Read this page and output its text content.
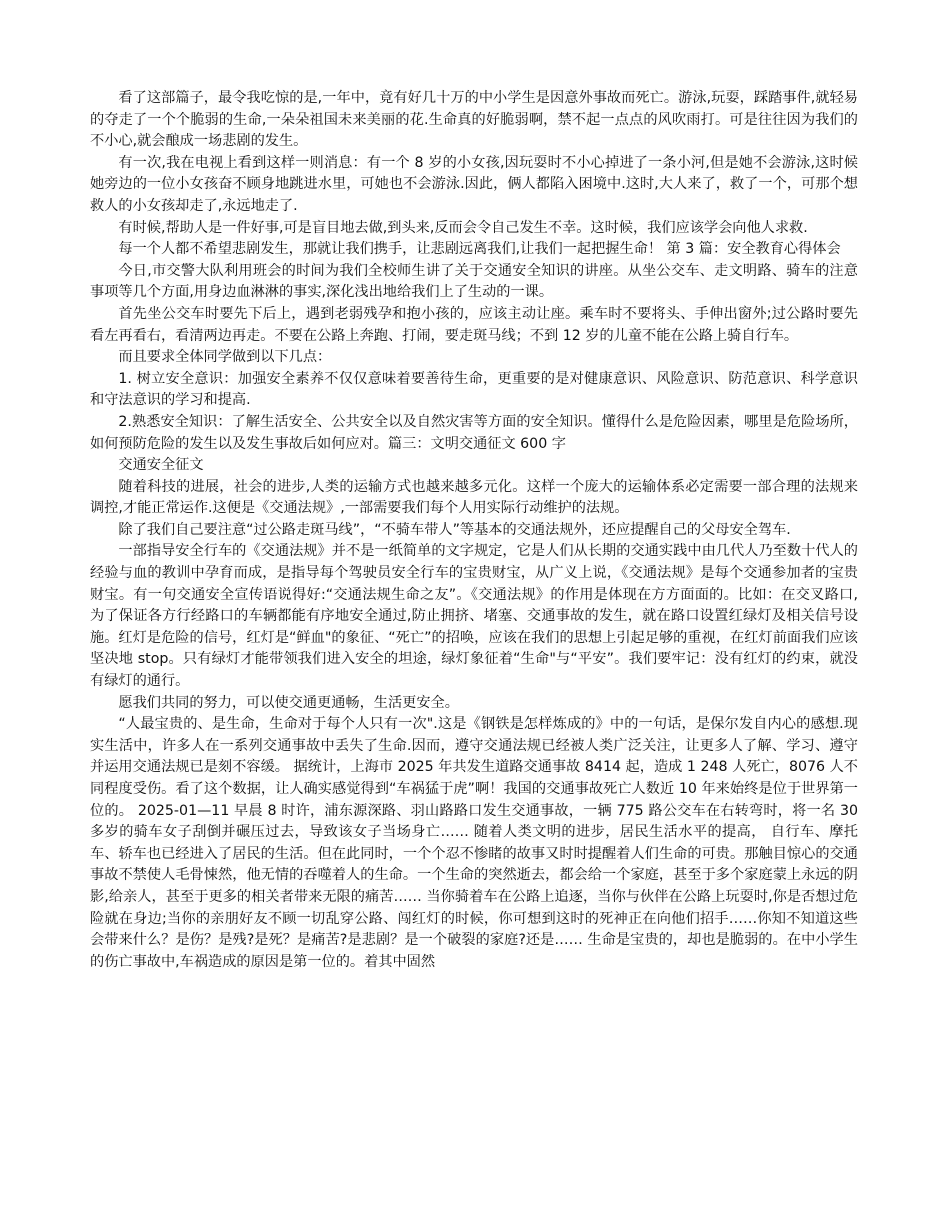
看了这部篇子，最令我吃惊的是,一年中，竟有好几十万的中小学生是因意外事故而死亡。游泳,玩耍，踩踏事件,就轻易的夺走了一个个脆弱的生命,一朵朵祖国未来美丽的花.生命真的好脆弱啊，禁不起一点点的风吹雨打。可是往往因为我们的不小心,就会酿成一场悲剧的发生。

有一次,我在电视上看到这样一则消息：有一个 8 岁的小女孩,因玩耍时不小心掉进了一条小河,但是她不会游泳,这时候她旁边的一位小女孩奋不顾身地跳进水里，可她也不会游泳.因此，俩人都陷入困境中.这时,大人来了，救了一个，可那个想救人的小女孩却走了,永远地走了.

有时候,帮助人是一件好事,可是盲目地去做,到头来,反而会令自己发生不幸。这时候，我们应该学会向他人求救.

每一个人都不希望悲剧发生，那就让我们携手，让悲剧远离我们,让我们一起把握生命！ 第 3 篇：安全教育心得体会

今日,市交警大队利用班会的时间为我们全校师生讲了关于交通安全知识的讲座。从坐公交车、走文明路、骑车的注意事项等几个方面,用身边血淋淋的事实,深化浅出地给我们上了生动的一课。

首先坐公交车时要先下后上，遇到老弱残孕和抱小孩的，应该主动让座。乘车时不要将头、手伸出窗外;过公路时要先看左再看右，看清两边再走。不要在公路上奔跑、打闹，要走斑马线；不到 12 岁的儿童不能在公路上骑自行车。

而且要求全体同学做到以下几点：

1. 树立安全意识：加强安全素养不仅仅意味着要善待生命，更重要的是对健康意识、风险意识、防范意识、科学意识和守法意识的学习和提高.

2.熟悉安全知识：了解生活安全、公共安全以及自然灾害等方面的安全知识。懂得什么是危险因素，哪里是危险场所，如何预防危险的发生以及发生事故后如何应对。篇三：文明交通征文 600 字

交通安全征文

随着科技的进展，社会的进步,人类的运输方式也越来越多元化。这样一个庞大的运输体系必定需要一部合理的法规来调控,才能正常运作.这便是《交通法规》,一部需要我们每个人用实际行动维护的法规。

除了我们自己要注意“过公路走斑马线”，“不骑车带人”等基本的交通法规外，还应提醒自己的父母安全驾车.

一部指导安全行车的《交通法规》并不是一纸简单的文字规定，它是人们从长期的交通实践中由几代人乃至数十代人的经验与血的教训中孕育而成，是指导每个驾驶员安全行车的宝贵财宝，从广义上说，《交通法规》是每个交通参加者的宝贵财宝。有一句交通安全宣传语说得好:“交通法规生命之友”。《交通法规》的作用是体现在方方面面的。比如：在交叉路口,为了保证各方行经路口的车辆都能有序地安全通过,防止拥挤、堵塞、交通事故的发生，就在路口设置红绿灯及相关信号设施。红灯是危险的信号，红灯是“鲜血"的象征、“死亡”的招唤，应该在我们的思想上引起足够的重视，在红灯前面我们应该坚决地 stop。只有绿灯才能带领我们进入安全的坦途，绿灯象征着“生命"与“平安”。我们要牢记：没有红灯的约束，就没有绿灯的通行。

愿我们共同的努力，可以使交通更通畅，生活更安全。

“人最宝贵的、是生命，生命对于每个人只有一次".这是《钢铁是怎样炼成的》中的一句话，是保尔发自内心的感想.现实生活中，许多人在一系列交通事故中丢失了生命.因而，遵守交通法规已经被人类广泛关注，让更多人了解、学习、遵守并运用交通法规已是刻不容缓。 据统计，上海市 2025 年共发生道路交通事故 8414 起，造成 1 248 人死亡，8076 人不同程度受伤。看了这个数据，让人确实感觉得到“车祸猛于虎”啊！我国的交通事故死亡人数近 10 年来始终是位于世界第一位的。 2025-01—11 早晨 8 时许，浦东源深路、羽山路路口发生交通事故，一辆 775 路公交车在右转弯时，将一名 30 多岁的骑车女子刮倒并碾压过去，导致该女子当场身亡…… 随着人类文明的进步，居民生活水平的提高， 自行车、摩托车、轿车也已经进入了居民的生活。但在此同时，一个个忍不惨睹的故事又时时提醒着人们生命的可贵。那触目惊心的交通事故不禁使人毛骨悚然，他无情的吞噬着人的生命。一个生命的突然逝去，都会给一个家庭，甚至于多个家庭蒙上永远的阴影,给亲人，甚至于更多的相关者带来无限的痛苦…… 当你骑着车在公路上追逐，当你与伙伴在公路上玩耍时,你是否想过危险就在身边;当你的亲朋好友不顾一切乱穿公路、闯红灯的时候，你可想到这时的死神正在向他们招手……你知不知道这些会带来什么？是伤？是残?是死？是痛苦?是悲剧？是一个破裂的家庭?还是…… 生命是宝贵的，却也是脆弱的。在中小学生的伤亡事故中,车祸造成的原因是第一位的。着其中固然
